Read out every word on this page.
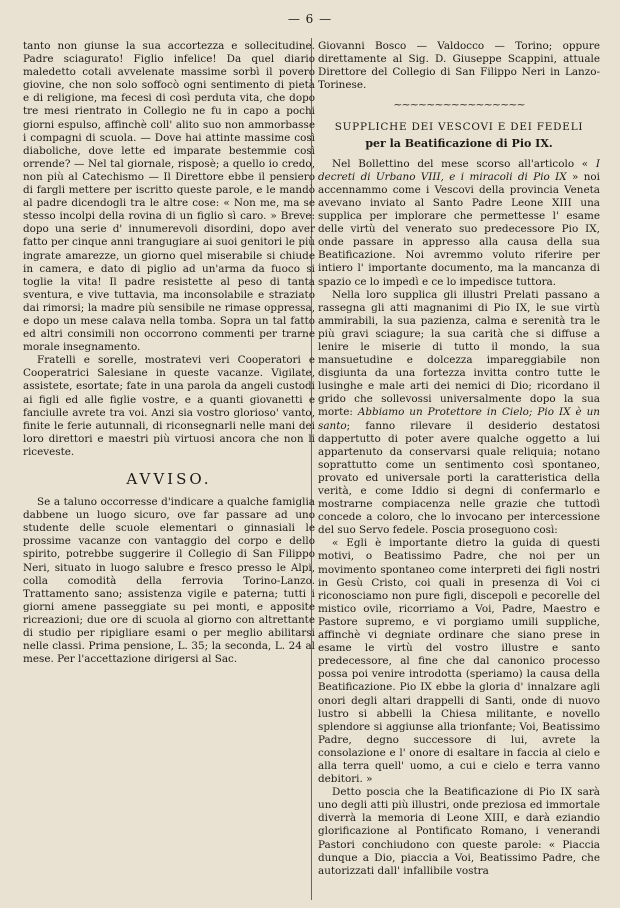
— 6 —

tanto non giunse la sua accortezza e sollecitudine. Padre sciagurato! Figlio infelice! Da quel diario maledetto cotali avvelenate massime sorbì il povero giovine, che non solo soffocò ogni sentimento di pietà e di religione, ma fecesi di così perduta vita, che dopo tre mesi rientrato in Collegio ne fu in capo a pochi giorni espulso, affinchè coll' alito suo non ammorbasse i compagni di scuola. — Dove hai attinte massime così diaboliche, dove lette ed imparate bestemmie così orrende? — Nel tal giornale, risposè; a quello io credo, non più al Catechismo — Il Direttore ebbe il pensiero di fargli mettere per iscritto queste parole, e le mandò al padre dicendogli tra le altre cose: « Non me, ma se stesso incolpi della rovina di un figlio sì caro. » Breve: dopo una serie d' innumerevoli disordini, dopo aver fatto per cinque anni trangugiare ai suoi genitori le più ingrate amarezze, un giorno quel miserabile si chiude in camera, e dato di piglio ad un'arma da fuoco si toglie la vita! Il padre resistette al peso di tanta sventura, e vive tuttavia, ma inconsolabile e straziato dai rimorsi; la madre più sensibile ne rimase oppressa, e dopo un mese calava nella tomba. Sopra un tal fatto ed altri consimili non occorrono commenti per trarne morale insegnamento.

Fratelli e sorelle, mostratevi veri Cooperatori e Cooperatrici Salesiane in queste vacanze. Vigilate, assistete, esortate; fate in una parola da angeli custodi ai figli ed alle figlie vostre, e a quanti giovanetti e fanciulle avrete tra voi. Anzi sia vostro glorioso' vanto, finite le ferie autunnali, di riconsegnarli nelle mani dei loro direttori e maestri più virtuosi ancora che non li riceveste.

AVVISO.

Se a taluno occorresse d'indicare a qualche famiglia dabbene un luogo sicuro, ove far passare ad uno studente delle scuole elementari o ginnasiali le prossime vacanze con vantaggio del corpo e dello spirito, potrebbe suggerire il Collegio di San Filippo Neri, situato in luogo salubre e fresco presso le Alpi, colla comodità della ferrovia Torino-Lanzo. Trattamento sano; assistenza vigile e paterna; tutti i giorni amene passeggiate su pei monti, e apposite ricreazioni; due ore di scuola al giorno con altrettante di studio per ripigliare esami o per meglio abilitarsi nelle classi. Prima pensione, L. 35; la seconda, L. 24 al mese. Per l'accettazione dirigersi al Sac.

Giovanni Bosco — Valdocco — Torino; oppure direttamente al Sig. D. Giuseppe Scappini, attuale Direttore del Collegio di San Filippo Neri in Lanzo-Torinese.

~~~~~~~~~~~~~~~~
SUPPLICHE DEI VESCOVI E DEI FEDELI
per la Beatificazione di Pio IX.

Nel Bollettino del mese scorso all'articolo « I decreti di Urbano VIII, e i miracoli di Pio IX » noi accennammo come i Vescovi della provincia Veneta avevano inviato al Santo Padre Leone XIII una supplica per implorare che permettesse l' esame delle virtù del venerato suo predecessore Pio IX, onde passare in appresso alla causa della sua Beatificazione. Noi avremmo voluto riferire per intiero l' importante documento, ma la mancanza di spazio ce lo impedì e ce lo impedisce tuttora.

Nella loro supplica gli illustri Prelati passano a rassegna gli atti magnanimi di Pio IX, le sue virtù ammirabili, la sua pazienza, calma e serenità tra le più gravi sciagure; la sua carità che si diffuse a lenire le miserie di tutto il mondo, la sua mansuetudine e dolcezza impareggiabile non disgiunta da una fortezza invitta contro tutte le lusinghe e male arti dei nemici di Dio; ricordano il grido che sollevossi universalmente dopo la sua morte: Abbiamo un Protettore in Cielo; Pio IX è un santo; fanno rilevare il desiderio destatosi dappertutto di poter avere qualche oggetto a lui appartenuto da conservarsi quale reliquia; notano soprattutto come un sentimento così spontaneo, provato ed universale porti la caratteristica della verità, e come Iddio si degni di confermarlo e mostrarne compiacenza nelle grazie che tuttodì concede a coloro, che lo invocano per intercessione del suo Servo fedele. Poscia proseguono così:

« Egli è importante dietro la guida di questi motivi, o Beatissimo Padre, che noi per un movimento spontaneo come interpreti dei figli nostri in Gesù Cristo, coi quali in presenza di Voi ci riconosciamo non pure figli, discepoli e pecorelle del mistico ovile, ricorriamo a Voi, Padre, Maestro e Pastore supremo, e vi porgiamo umili suppliche, affinchè vi degniate ordinare che siano prese in esame le virtù del vostro illustre e santo predecessore, al fine che dal canonico processo possa poi venire introdotta (speriamo) la causa della Beatificazione. Pio IX ebbe la gloria d' innalzare agli onori degli altari drappelli di Santi, onde di nuovo lustro si abbelli la Chiesa militante, e novello splendore si aggiunse alla trionfante; Voi, Beatissimo Padre, degno successore di lui, avrete la consolazione e l' onore di esaltare in faccia al cielo e alla terra quell' uomo, a cui e cielo e terra vanno debitori. »

Detto poscia che la Beatificazione di Pio IX sarà uno degli atti più illustri, onde preziosa ed immortale diverrà la memoria di Leone XIII, e darà eziandio glorificazione al Pontificato Romano, i venerandi Pastori conchiudono con queste parole: « Piaccia dunque a Dio, piaccia a Voi, Beatissimo Padre, che autorizzati dall' infallibile vostra
